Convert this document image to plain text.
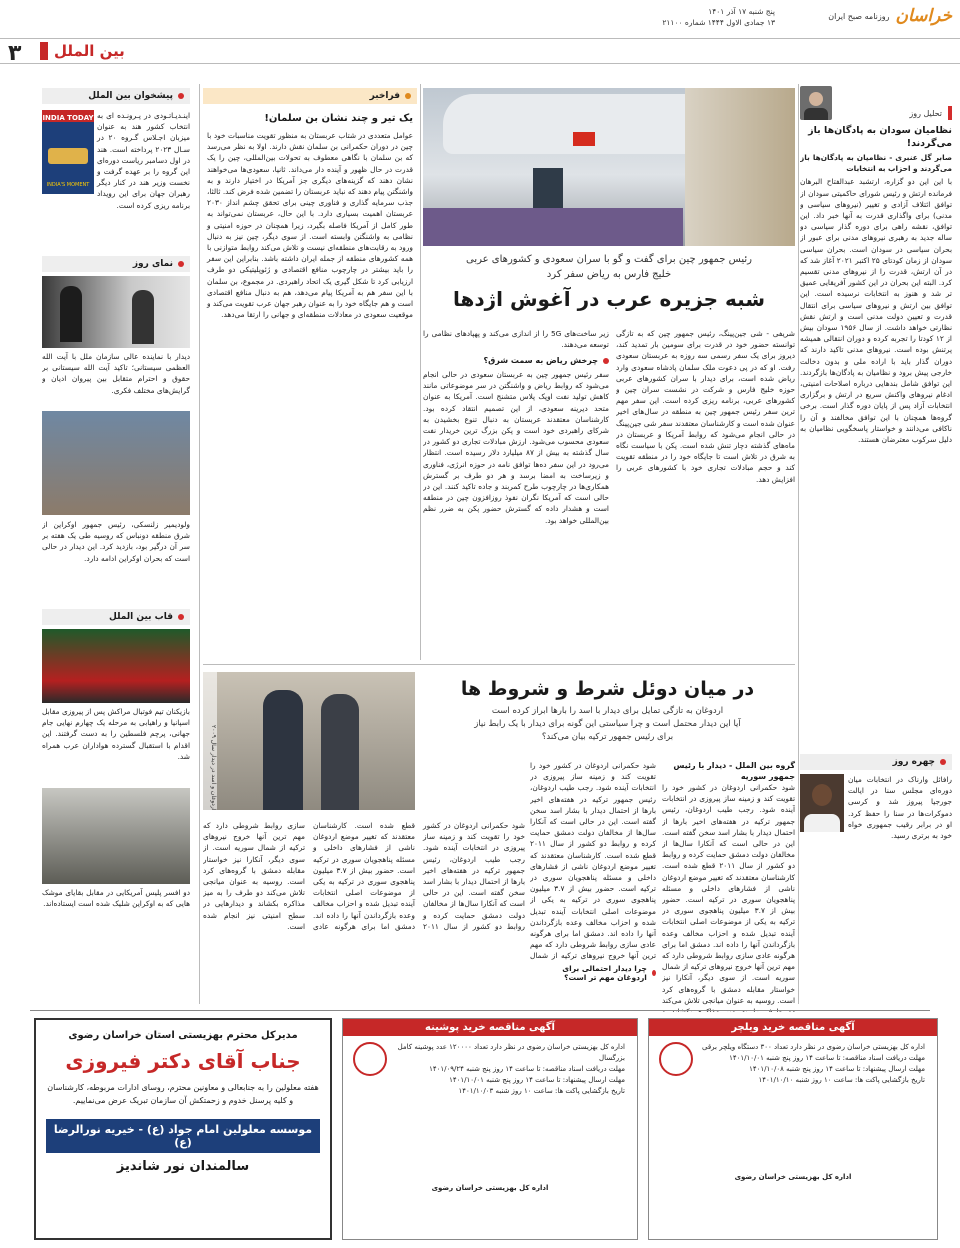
خراسان
روزنامه صبح ایران
پنج شنبه ۱۷ آذر ۱۴۰۱
۱۳ جمادی الاول ۱۴۴۴ شماره ۲۱۱۰۰
۳ بین الملل
تحلیل روز
نظامیان سودان به پادگان‌ها باز می‌گردند!

صابر گل عنبری - نظامیان به پادگان‌ها باز می‌گردند و احزاب به انتخابات

با این این دو گزاره، ارتشبد عبدالفتاح البرهان فرمانده ارتش و رئیس شورای حاکمیتی سودان از توافق ائتلاف آزادی و تغییر (نیروهای سیاسی و مدنی) برای واگذاری قدرت به آنها خبر داد. این توافق، نقشه راهی برای دوره گذار سیاسی دو ساله جدید به رهبری نیروهای مدنی برای عبور از بحران سیاسی در سودان است. بحران سیاسی سودان از زمان کودتای ۲۵ اکتبر ۲۰۲۱ آغاز شد که در آن ارتش، قدرت را از نیروهای مدنی تقسیم کرد. البته این بحران در این کشور آفریقایی عمیق تر شد و هنوز به انتخابات نرسیده است. این توافق بین ارتش و نیروهای سیاسی برای انتقال قدرت و تعیین دولت مدنی است و ارتش نقش نظارتی خواهد داشت. از سال ۱۹۵۶ سودان بیش از ۱۲ کودتا را تجربه کرده و دوران انتقالی همیشه پرتنش بوده است. نیروهای مدنی تاکید دارند که دوران گذار باید با اراده ملی و بدون دخالت خارجی پیش برود و نظامیان به پادگان‌ها بازگردند. این توافق شامل بندهایی درباره اصلاحات امنیتی، ادغام نیروهای واکنش سریع در ارتش و برگزاری انتخابات آزاد پس از پایان دوره گذار است. برخی گروه‌ها همچنان با این توافق مخالفند و آن را ناکافی می‌دانند و خواستار پاسخگویی نظامیان به دلیل سرکوب معترضان هستند.

چهره روز
رافائل وارناک در انتخابات میان دوره‌ای مجلس سنا در ایالت جورجیا پیروز شد و کرسی دموکرات‌ها در سنا را حفظ کرد. او در برابر رقیب جمهوری خواه خود به برتری رسید.
رئیس جمهور چین برای گفت و گو با سران سعودی و کشورهای عربی
خلیج فارس به ریاض سفر کرد
شبه جزیره عرب در آغوش اژدها
شریفی - شی جین‌پینگ، رئیس جمهور چین که به تازگی توانسته حضور خود در قدرت برای سومین بار تمدید کند، دیروز برای یک سفر رسمی سه روزه به عربستان سعودی رفت. او که در پی دعوت ملک سلمان پادشاه سعودی وارد ریاض شده است، برای دیدار با سران کشورهای عربی حوزه خلیج فارس و شرکت در نشست سران چین و کشورهای عربی، برنامه ریزی کرده است. این سفر مهم ترین سفر رئیس جمهور چین به منطقه در سال‌های اخیر عنوان شده است و کارشناسان معتقدند سفر شی جین‌پینگ در حالی انجام می‌شود که روابط آمریکا و عربستان در ماه‌های گذشته دچار تنش شده است. پکن با سیاست نگاه به شرق در تلاش است تا جایگاه خود را در منطقه تقویت کند و حجم مبادلات تجاری خود با کشورهای عربی را افزایش دهد.
زیر ساخت‌های 5G را از اندازی می‌کند و پهپادهای نظامی را توسعه می‌دهند.
چرخش ریاض به سمت شرق؟
سفر رئیس جمهور چین به عربستان سعودی در حالی انجام می‌شود که روابط ریاض و واشنگتن در سر موضوعاتی مانند کاهش تولید نفت اوپک پلاس متشنج است. آمریکا به عنوان متحد دیرینه سعودی، از این تصمیم انتقاد کرده بود. کارشناسان معتقدند عربستان به دنبال تنوع بخشیدن به شرکای راهبردی خود است و پکن بزرگ ترین خریدار نفت سعودی محسوب می‌شود. ارزش مبادلات تجاری دو کشور در سال گذشته به بیش از ۸۷ میلیارد دلار رسیده است. انتظار می‌رود در این سفر ده‌ها توافق نامه در حوزه انرژی، فناوری و زیرساخت به امضا برسد و هر دو طرف بر گسترش همکاری‌ها در چارچوب طرح کمربند و جاده تاکید کنند. این در حالی است که آمریکا نگران نفوذ روزافزون چین در منطقه است و هشدار داده که گسترش حضور پکن به ضرر نظم بین‌المللی خواهد بود.
فراخبر
یک تیر و چند نشان بن سلمان!
عوامل متعددی در شتاب عربستان به منظور تقویت مناسبات خود با چین در دوران حکمرانی بن سلمان نقش دارند. اولا به نظر می‌رسد که بن سلمان با نگاهی معطوف به تحولات بین‌المللی، چین را یک قدرت در حال ظهور و آینده دار می‌داند. ثانیا، سعودی‌ها می‌خواهند نشان دهند که گزینه‌های دیگری جز آمریکا در اختیار دارند و به واشنگتن پیام دهند که نباید عربستان را تضمین شده فرض کند. ثالثا، جذب سرمایه گذاری و فناوری چینی برای تحقق چشم انداز ۲۰۳۰ عربستان اهمیت بسیاری دارد. با این حال، عربستان نمی‌تواند به طور کامل از آمریکا فاصله بگیرد، زیرا همچنان در حوزه امنیتی و نظامی به واشنگتن وابسته است. از سوی دیگر، چین نیز به دنبال ورود به رقابت‌های منطقه‌ای نیست و تلاش می‌کند روابط متوازنی با همه کشورهای منطقه از جمله ایران داشته باشد. بنابراین این سفر را باید بیشتر در چارچوب منافع اقتصادی و ژئوپلیتیکی دو طرف ارزیابی کرد تا شکل گیری یک اتحاد راهبردی. در مجموع، بن سلمان با این سفر هم به آمریکا پیام می‌دهد، هم به دنبال منافع اقتصادی است و هم جایگاه خود را به عنوان رهبر جهان عرب تقویت می‌کند و موقعیت سعودی در معادلات منطقه‌ای و جهانی را ارتقا می‌دهد.
اردوغان و اسد در دیدار سال ۲۰۰۹
در میان دوئل شرط و شروط ها
اردوغان به تازگی تمایل برای دیدار با اسد را بارها ابراز کرده است
آیا این دیدار محتمل است و چرا سیاستی این گونه برای دیدار با یک رابط نیاز
برای رئیس جمهور ترکیه بیان می‌کند؟
گروه بین الملل - دیدار با رئیس جمهور سوریه
شود حکمرانی اردوغان در کشور خود را تقویت کند و زمینه ساز پیروزی در انتخابات آینده شود. رجب طیب اردوغان، رئیس جمهور ترکیه در هفته‌های اخیر بارها از احتمال دیدار با بشار اسد سخن گفته است. این در حالی است که آنکارا سال‌ها از مخالفان دولت دمشق حمایت کرده و روابط دو کشور از سال ۲۰۱۱ قطع شده است. کارشناسان معتقدند که تغییر موضع اردوغان ناشی از فشارهای داخلی و مسئله پناهجویان سوری در ترکیه است. حضور بیش از ۳.۷ میلیون پناهجوی سوری در ترکیه به یکی از موضوعات اصلی انتخابات آینده تبدیل شده و احزاب مخالف وعده بازگرداندن آنها را داده اند. دمشق اما برای هرگونه عادی سازی روابط شروطی دارد که مهم ترین آنها خروج نیروهای ترکیه از شمال سوریه است. از سوی دیگر، آنکارا نیز خواستار مقابله دمشق با گروه‌های کرد است. روسیه به عنوان میانجی تلاش می‌کند
شود حکمرانی اردوغان در کشور خود را تقویت کند و زمینه ساز پیروزی در انتخابات آینده شود. رجب طیب اردوغان، رئیس جمهور ترکیه در هفته‌های اخیر بارها از احتمال دیدار با بشار اسد سخن گفته است. این در حالی است که آنکارا سال‌ها از مخالفان دولت دمشق حمایت کرده و روابط دو کشور از سال ۲۰۱۱ قطع شده است. کارشناسان معتقدند که تغییر موضع اردوغان ناشی از فشارهای داخلی و مسئله پناهجویان سوری در ترکیه است. حضور بیش از ۳.۷ میلیون پناهجوی سوری در ترکیه به یکی از موضوعات اصلی انتخابات آینده تبدیل شده و احزاب مخالف وعده بازگرداندن آنها را داده اند. دمشق اما برای هرگونه عادی سازی روابط شروطی دارد که مهم ترین آنها خروج نیروهای ترکیه از شمال
چرا دیدار احتمالی برای اردوغان مهم تر است؟
شود حکمرانی اردوغان در کشور خود را تقویت کند و زمینه ساز پیروزی در انتخابات آینده شود. رجب طیب اردوغان، رئیس جمهور ترکیه در هفته‌های اخیر بارها از احتمال دیدار با بشار اسد سخن گفته است. این در حالی است که آنکارا سال‌ها از مخالفان دولت دمشق حمایت کرده و روابط دو کشور از سال ۲۰۱۱ قطع شده است. کارشناسان معتقدند که تغییر موضع اردوغان ناشی از فشارهای داخلی و مسئله پناهجویان سوری در ترکیه است. حضور بیش از ۳.۷ میلیون پناهجوی سوری در ترکیه به یکی از موضوعات اصلی انتخابات آینده تبدیل شده و احزاب مخالف وعده بازگرداندن آنها را داده اند. دمشق اما برای هرگونه عادی سازی روابط شروطی دارد که مهم ترین آنها خروج نیروهای ترکیه از شمال سوریه است. از سوی دیگر، آنکارا نیز خواستار مقابله دمشق با گروه‌های کرد است. روسیه به عنوان میانجی تلاش می‌کند دو طرف را به میز مذاکره بکشاند و دیدارهایی در سطح امنیتی نیز انجام شده است.
پیشخوان بین الملل
اینـدیـاتـودی در پـرونـده ای به انتخاب کشور هند به عنوان میزبان اجـلاس گـروه ۲۰ در سـال ۲۰۲۳ پرداخته است. هند در اول دسامبر ریاست دوره‌ای این گروه را بر عهده گرفت و نخست وزیر هند در کنار دیگر رهبران جهان برای این رویداد برنامه ریزی کرده است.
INDIA TODAY
INDIA'S MOMENT
نمای روز
دیدار با نماینده عالی سازمان ملل با آیت الله العظمی سیستانی؛ تاکید آیت الله سیستانی بر حقوق و احترام متقابل بین پیروان ادیان و گرایش‌های مختلف فکری.
ولودیمیر زلنسکی، رئیس جمهور اوکراین از شرق منطقه دونباس که روسیه طی یک هفته بر سر آن درگیر بود، بازدید کرد. این دیدار در حالی است که بحران اوکراین ادامه دارد.
قاب بین الملل
بازیکنان تیم فوتبال مراکش پس از پیروزی مقابل اسپانیا و راهیابی به مرحله یک چهارم نهایی جام جهانی، پرچم فلسطین را به دست گرفتند. این اقدام با استقبال گسترده هواداران عرب همراه شد.
دو افسر پلیس آمریکایی در مقابل بقایای موشک هایی که به اوکراین شلیک شده است ایستاده‌اند.
آگهی مناقصه خرید ویلچر
اداره کل بهزیستی خراسان رضوی در نظر دارد تعداد ۳۰۰ دستگاه ویلچر برقی
مهلت دریافت اسناد مناقصه: تا ساعت ۱۴ روز پنج شنبه ۱۴۰۱/۱۰/۰۱
مهلت ارسال پیشنهاد: تا ساعت ۱۴ روز پنج شنبه ۱۴۰۱/۱۰/۰۸
تاریخ بازگشایی پاکت ها: ساعت ۱۰ روز شنبه ۱۴۰۱/۱۰/۱۰
اداره کل بهزیستی خراسان رضوی
آگهی مناقصه خرید پوشینه
اداره کل بهزیستی خراسان رضوی در نظر دارد تعداد ۱۲۰۰۰۰ عدد پوشینه کامل بزرگسال
مهلت دریافت اسناد مناقصه: تا ساعت ۱۴ روز پنج شنبه ۱۴۰۱/۰۹/۲۴
مهلت ارسال پیشنهاد: تا ساعت ۱۴ روز پنج شنبه ۱۴۰۱/۱۰/۰۱
تاریخ بازگشایی پاکت ها: ساعت ۱۰ روز شنبه ۱۴۰۱/۱۰/۰۳
اداره کل بهزیستی خراسان رضوی
مدیرکل محترم بهزیستی استان خراسان رضوی
جناب آقای دکتر فیروزی
هفته معلولین را به جنابعالی و معاونین محترم، روسای ادارات مربوطه، کارشناسان و کلیه پرسنل خدوم و زحمتکش آن سازمان تبریک عرض می‌نماییم.
موسسه معلولین امام جواد (ع) - خیریه نورالرضا (ع)
سالمندان نور شاندیز
